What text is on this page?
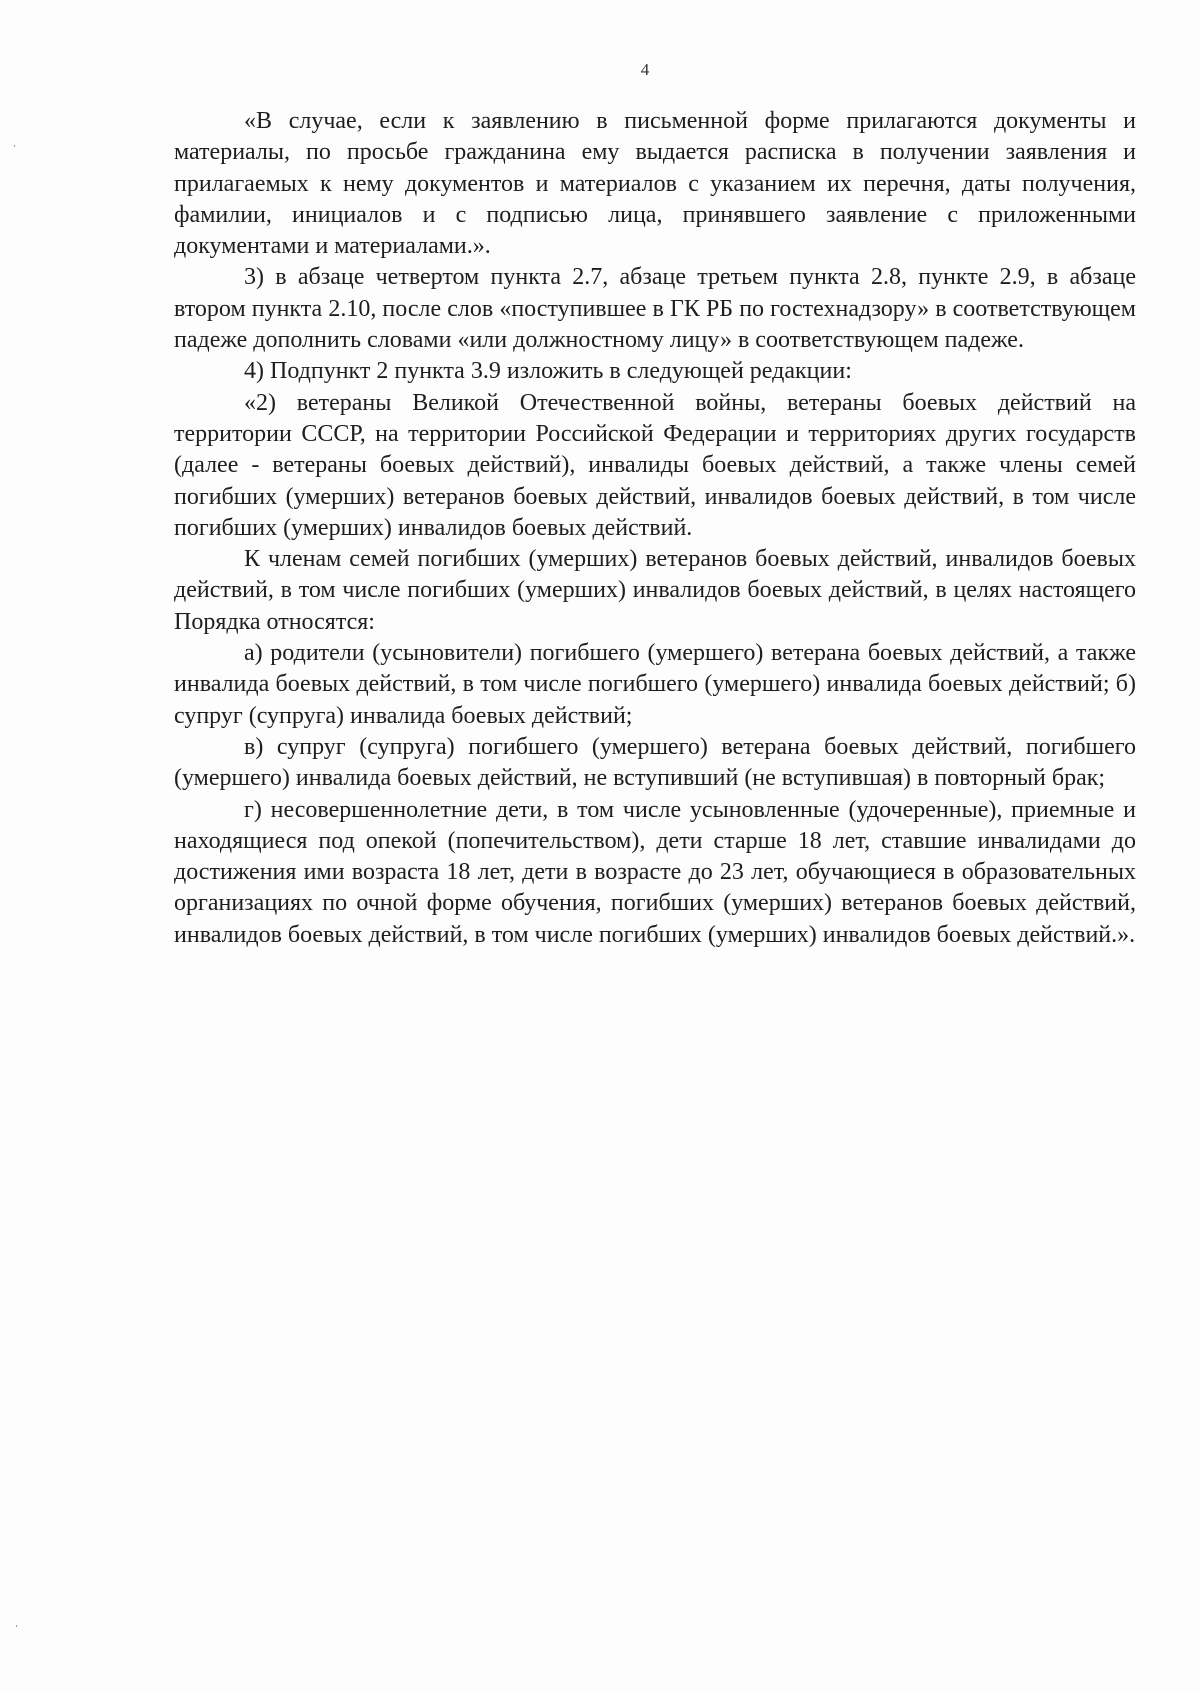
4

«В случае, если к заявлению в письменной форме прилагаются документы и материалы, по просьбе гражданина ему выдается расписка в получении заявления и прилагаемых к нему документов и материалов с указанием их перечня, даты получения, фамилии, инициалов и с подписью лица, принявшего заявление с приложенными документами и материалами.».

3) в абзаце четвертом пункта 2.7, абзаце третьем пункта 2.8, пункте 2.9, в абзаце втором пункта 2.10, после слов «поступившее в ГК РБ по гостехнадзору» в соответствующем падеже дополнить словами «или должностному лицу» в соответствующем падеже.

4) Подпункт 2 пункта 3.9 изложить в следующей редакции:

«2) ветераны Великой Отечественной войны, ветераны боевых действий на территории СССР, на территории Российской Федерации и территориях других государств (далее - ветераны боевых действий), инвалиды боевых действий, а также члены семей погибших (умерших) ветеранов боевых действий, инвалидов боевых действий, в том числе погибших (умерших) инвалидов боевых действий.

К членам семей погибших (умерших) ветеранов боевых действий, инвалидов боевых действий, в том числе погибших (умерших) инвалидов боевых действий, в целях настоящего Порядка относятся:

а) родители (усыновители) погибшего (умершего) ветерана боевых действий, а также инвалида боевых действий, в том числе погибшего (умершего) инвалида боевых действий; б) супруг (супруга) инвалида боевых действий;

в) супруг (супруга) погибшего (умершего) ветерана боевых действий, погибшего (умершего) инвалида боевых действий, не вступивший (не вступившая) в повторный брак;

г) несовершеннолетние дети, в том числе усыновленные (удочеренные), приемные и находящиеся под опекой (попечительством), дети старше 18 лет, ставшие инвалидами до достижения ими возраста 18 лет, дети в возрасте до 23 лет, обучающиеся в образовательных организациях по очной форме обучения, погибших (умерших) ветеранов боевых действий, инвалидов боевых действий, в том числе погибших (умерших) инвалидов боевых действий.».
